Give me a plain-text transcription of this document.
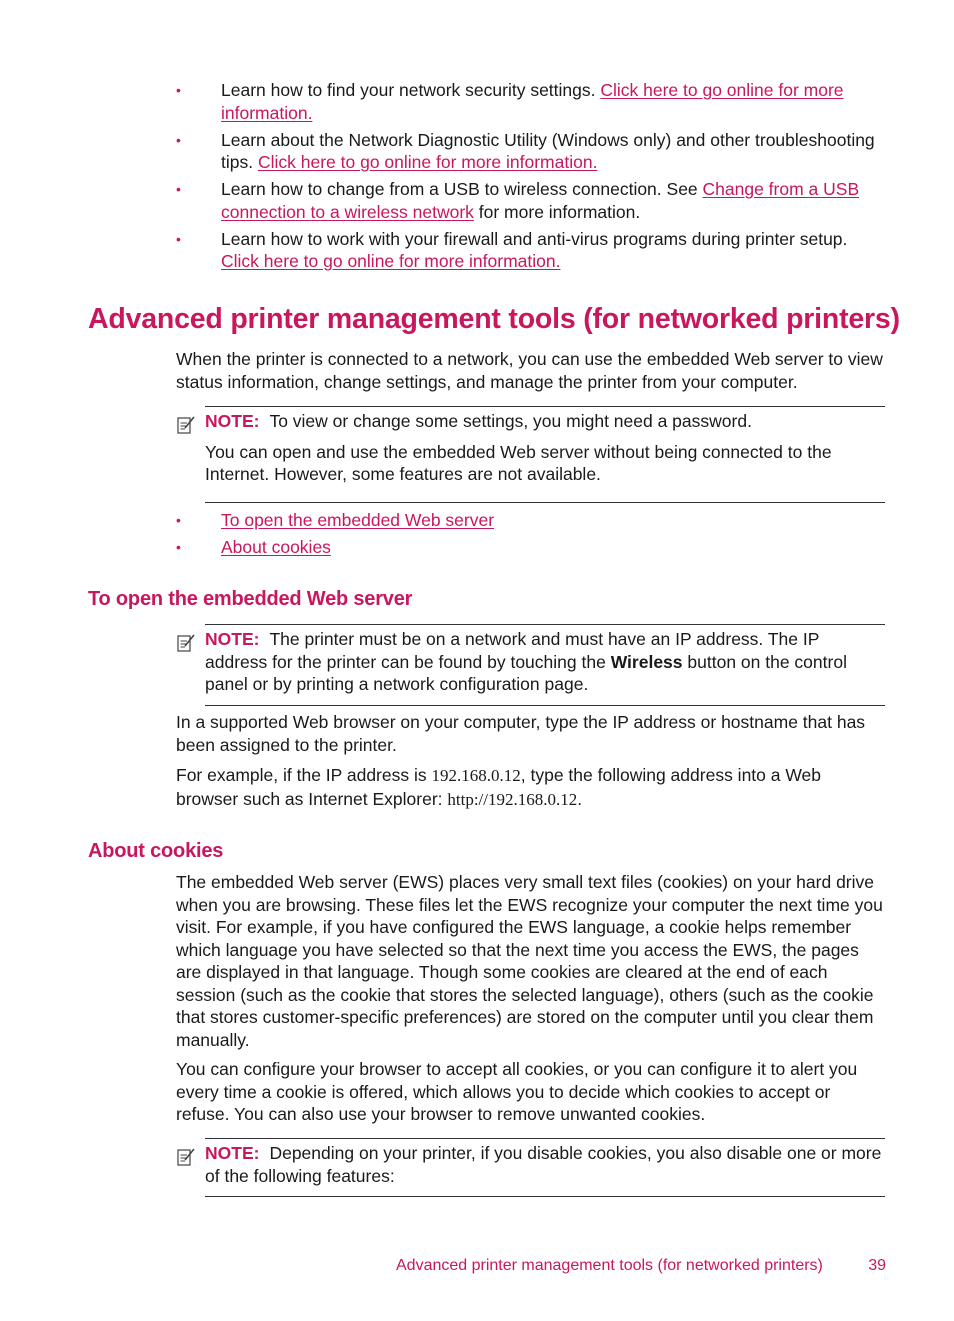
• Learn how to find your network security settings. Click here to go online for more information.
• Learn about the Network Diagnostic Utility (Windows only) and other troubleshooting tips. Click here to go online for more information.
• Learn how to change from a USB to wireless connection. See Change from a USB connection to a wireless network for more information.
• Learn how to work with your firewall and anti-virus programs during printer setup. Click here to go online for more information.
Advanced printer management tools (for networked printers)

When the printer is connected to a network, you can use the embedded Web server to view status information, change settings, and manage the printer from your computer.

NOTE: To view or change some settings, you might need a password.

You can open and use the embedded Web server without being connected to the Internet. However, some features are not available.

• To open the embedded Web server
• About cookies
To open the embedded Web server

NOTE: The printer must be on a network and must have an IP address. The IP address for the printer can be found by touching the Wireless button on the control panel or by printing a network configuration page.

In a supported Web browser on your computer, type the IP address or hostname that has been assigned to the printer.

For example, if the IP address is 192.168.0.12, type the following address into a Web browser such as Internet Explorer: http://192.168.0.12.

About cookies

The embedded Web server (EWS) places very small text files (cookies) on your hard drive when you are browsing. These files let the EWS recognize your computer the next time you visit. For example, if you have configured the EWS language, a cookie helps remember which language you have selected so that the next time you access the EWS, the pages are displayed in that language. Though some cookies are cleared at the end of each session (such as the cookie that stores the selected language), others (such as the cookie that stores customer-specific preferences) are stored on the computer until you clear them manually.

You can configure your browser to accept all cookies, or you can configure it to alert you every time a cookie is offered, which allows you to decide which cookies to accept or refuse. You can also use your browser to remove unwanted cookies.

NOTE: Depending on your printer, if you disable cookies, you also disable one or more of the following features:

Advanced printer management tools (for networked printers)	39
